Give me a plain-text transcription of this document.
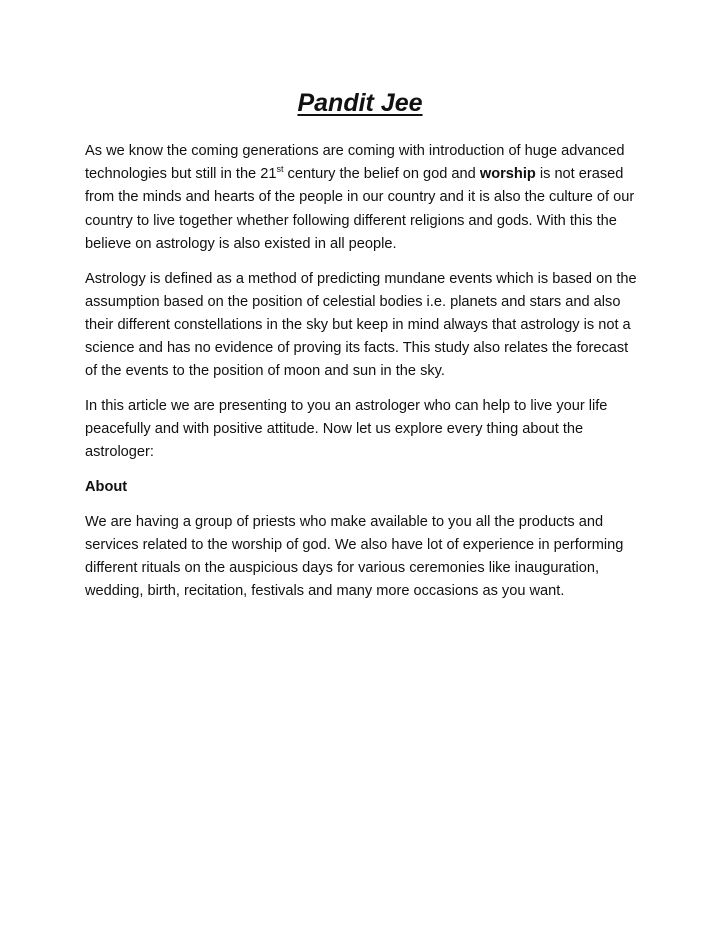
Pandit Jee

As we know the coming generations are coming with introduction of huge advanced technologies but still in the 21st century the belief on god and worship is not erased from the minds and hearts of the people in our country and it is also the culture of our country to live together whether following different religions and gods. With this the believe on astrology is also existed in all people.

Astrology is defined as a method of predicting mundane events which is based on the assumption based on the position of celestial bodies i.e. planets and stars and also their different constellations in the sky but keep in mind always that astrology is not a science and has no evidence of proving its facts. This study also relates the forecast of the events to the position of moon and sun in the sky.

In this article we are presenting to you an astrologer who can help to live your life peacefully and with positive attitude. Now let us explore every thing about the astrologer:

About

We are having a group of priests who make available to you all the products and services related to the worship of god. We also have lot of experience in performing different rituals on the auspicious days for various ceremonies like inauguration, wedding, birth, recitation, festivals and many more occasions as you want.
